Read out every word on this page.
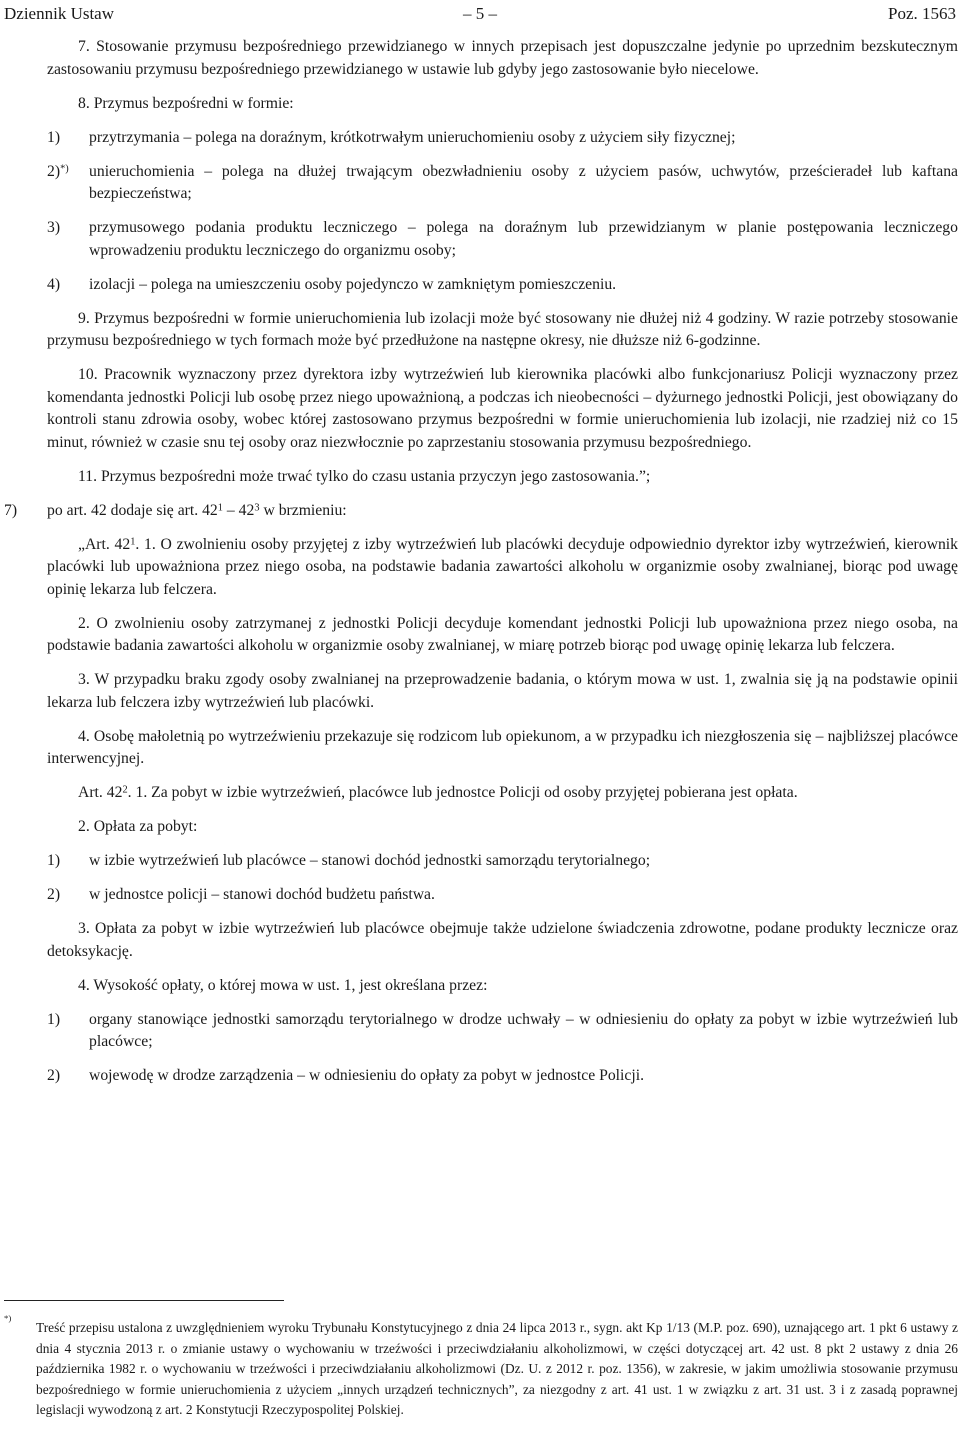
Dziennik Ustaw	– 5 –	Poz. 1563

7. Stosowanie przymusu bezpośredniego przewidzianego w innych przepisach jest dopuszczalne jedynie po uprzednim bezskutecznym zastosowaniu przymusu bezpośredniego przewidzianego w ustawie lub gdyby jego zastosowanie było niecelowe.

8. Przymus bezpośredni w formie:

1) przytrzymania – polega na doraźnym, krótkotrwałym unieruchomieniu osoby z użyciem siły fizycznej;
2)*) unieruchomienia – polega na dłużej trwającym obezwładnieniu osoby z użyciem pasów, uchwytów, prześcieradeł lub kaftana bezpieczeństwa;
3) przymusowego podania produktu leczniczego – polega na doraźnym lub przewidzianym w planie postępowania leczniczego wprowadzeniu produktu leczniczego do organizmu osoby;
4) izolacji – polega na umieszczeniu osoby pojedynczo w zamkniętym pomieszczeniu.

9. Przymus bezpośredni w formie unieruchomienia lub izolacji może być stosowany nie dłużej niż 4 godziny. W razie potrzeby stosowanie przymusu bezpośredniego w tych formach może być przedłużone na następne okresy, nie dłuższe niż 6-godzinne.

10. Pracownik wyznaczony przez dyrektora izby wytrzeźwień lub kierownika placówki albo funkcjonariusz Policji wyznaczony przez komendanta jednostki Policji lub osobę przez niego upoważnioną, a podczas ich nieobecności – dyżurnego jednostki Policji, jest obowiązany do kontroli stanu zdrowia osoby, wobec której zastosowano przymus bezpośredni w formie unieruchomienia lub izolacji, nie rzadziej niż co 15 minut, również w czasie snu tej osoby oraz niezwłocznie po zaprzestaniu stosowania przymusu bezpośredniego.

11. Przymus bezpośredni może trwać tylko do czasu ustania przyczyn jego zastosowania.”;

7) po art. 42 dodaje się art. $42^1 - 42^3$ w brzmieniu:

„Art. $42^1$. 1. O zwolnieniu osoby przyjętej z izby wytrzeźwień lub placówki decyduje odpowiednio dyrektor izby wytrzeźwień, kierownik placówki lub upoważniona przez niego osoba, na podstawie badania zawartości alkoholu w organizmie osoby zwalnianej, biorąc pod uwagę opinię lekarza lub felczera.

2. O zwolnieniu osoby zatrzymanej z jednostki Policji decyduje komendant jednostki Policji lub upoważniona przez niego osoba, na podstawie badania zawartości alkoholu w organizmie osoby zwalnianej, w miarę potrzeb biorąc pod uwagę opinię lekarza lub felczera.

3. W przypadku braku zgody osoby zwalnianej na przeprowadzenie badania, o którym mowa w ust. 1, zwalnia się ją na podstawie opinii lekarza lub felczera izby wytrzeźwień lub placówki.

4. Osobę małoletnią po wytrzeźwieniu przekazuje się rodzicom lub opiekunom, a w przypadku ich niezgłoszenia się – najbliższej placówce interwencyjnej.

Art. $42^2$. 1. Za pobyt w izbie wytrzeźwień, placówce lub jednostce Policji od osoby przyjętej pobierana jest opłata.

2. Opłata za pobyt:

1) w izbie wytrzeźwień lub placówce – stanowi dochód jednostki samorządu terytorialnego;
2) w jednostce policji – stanowi dochód budżetu państwa.

3. Opłata za pobyt w izbie wytrzeźwień lub placówce obejmuje także udzielone świadczenia zdrowotne, podane produkty lecznicze oraz detoksykację.

4. Wysokość opłaty, o której mowa w ust. 1, jest określana przez:

1) organy stanowiące jednostki samorządu terytorialnego w drodze uchwały – w odniesieniu do opłaty za pobyt w izbie wytrzeźwień lub placówce;
2) wojewodę w drodze zarządzenia – w odniesieniu do opłaty za pobyt w jednostce Policji.
*)
Treść przepisu ustalona z uwzględnieniem wyroku Trybunału Konstytucyjnego z dnia 24 lipca 2013 r., sygn. akt Kp 1/13 (M.P. poz. 690), uznającego art. 1 pkt 6 ustawy z dnia 4 stycznia 2013 r. o zmianie ustawy o wychowaniu w trzeźwości i przeciwdziałaniu alkoholizmowi, w części dotyczącej art. 42 ust. 8 pkt 2 ustawy z dnia 26 października 1982 r. o wychowaniu w trzeźwości i przeciwdziałaniu alkoholizmowi (Dz. U. z 2012 r. poz. 1356), w zakresie, w jakim umożliwia stosowanie przymusu bezpośredniego w formie unieruchomienia z użyciem „innych urządzeń technicznych”, za niezgodny z art. 41 ust. 1 w związku z art. 31 ust. 3 i z zasadą poprawnej legislacji wywodzoną z art. 2 Konstytucji Rzeczypospolitej Polskiej.
